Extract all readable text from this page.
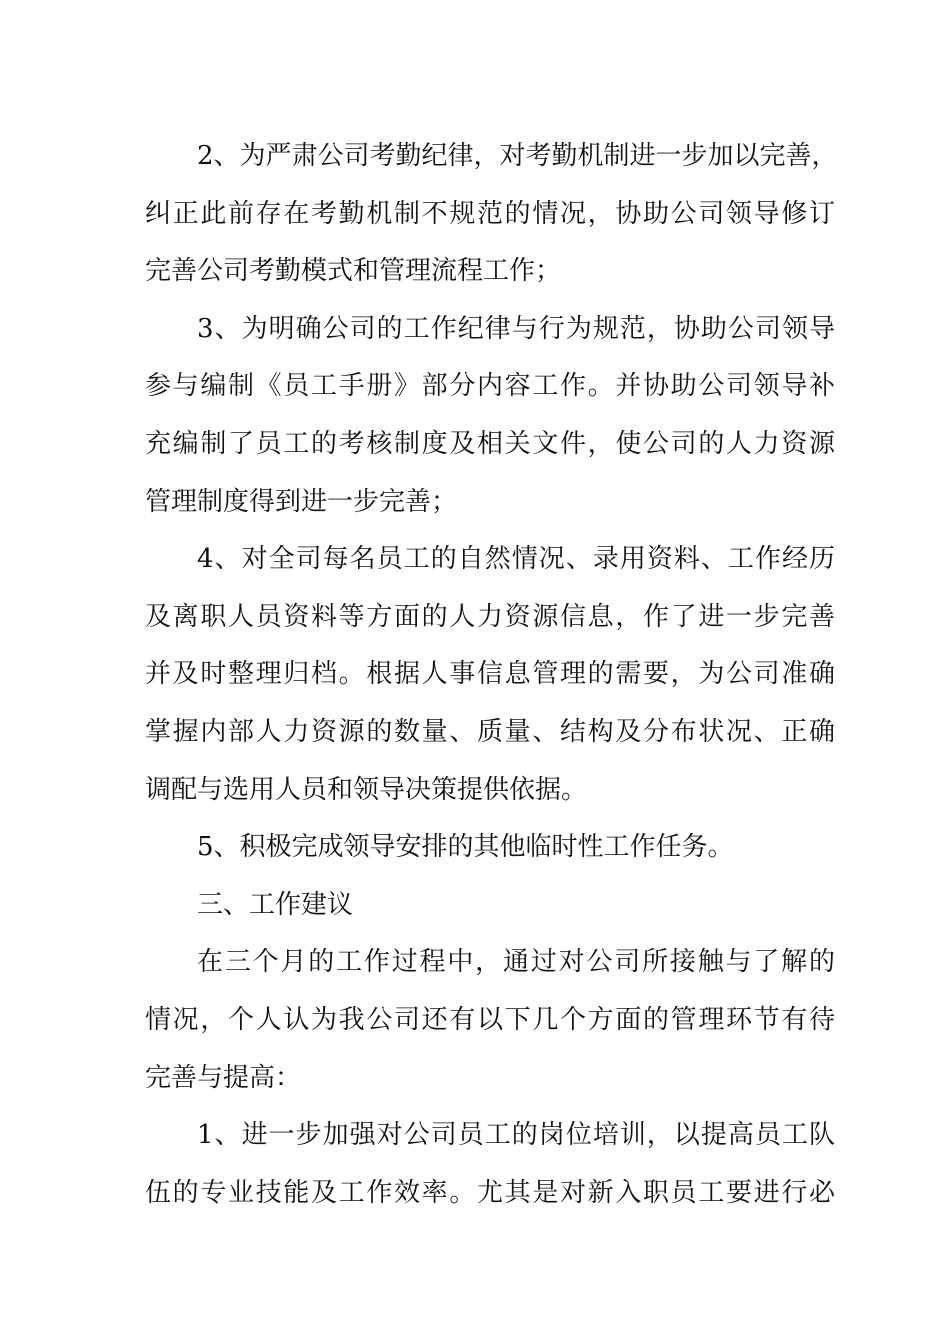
2、为严肃公司考勤纪律，对考勤机制进一步加以完善，
纠正此前存在考勤机制不规范的情况，协助公司领导修订
完善公司考勤模式和管理流程工作；
3、为明确公司的工作纪律与行为规范，协助公司领导
参与编制《员工手册》部分内容工作。并协助公司领导补
充编制了员工的考核制度及相关文件，使公司的人力资源
管理制度得到进一步完善；
4、对全司每名员工的自然情况、录用资料、工作经历
及离职人员资料等方面的人力资源信息，作了进一步完善
并及时整理归档。根据人事信息管理的需要，为公司准确
掌握内部人力资源的数量、质量、结构及分布状况、正确
调配与选用人员和领导决策提供依据。
5、积极完成领导安排的其他临时性工作任务。
三、工作建议
在三个月的工作过程中，通过对公司所接触与了解的
情况，个人认为我公司还有以下几个方面的管理环节有待
完善与提高：
1、进一步加强对公司员工的岗位培训，以提高员工队
伍的专业技能及工作效率。尤其是对新入职员工要进行必
